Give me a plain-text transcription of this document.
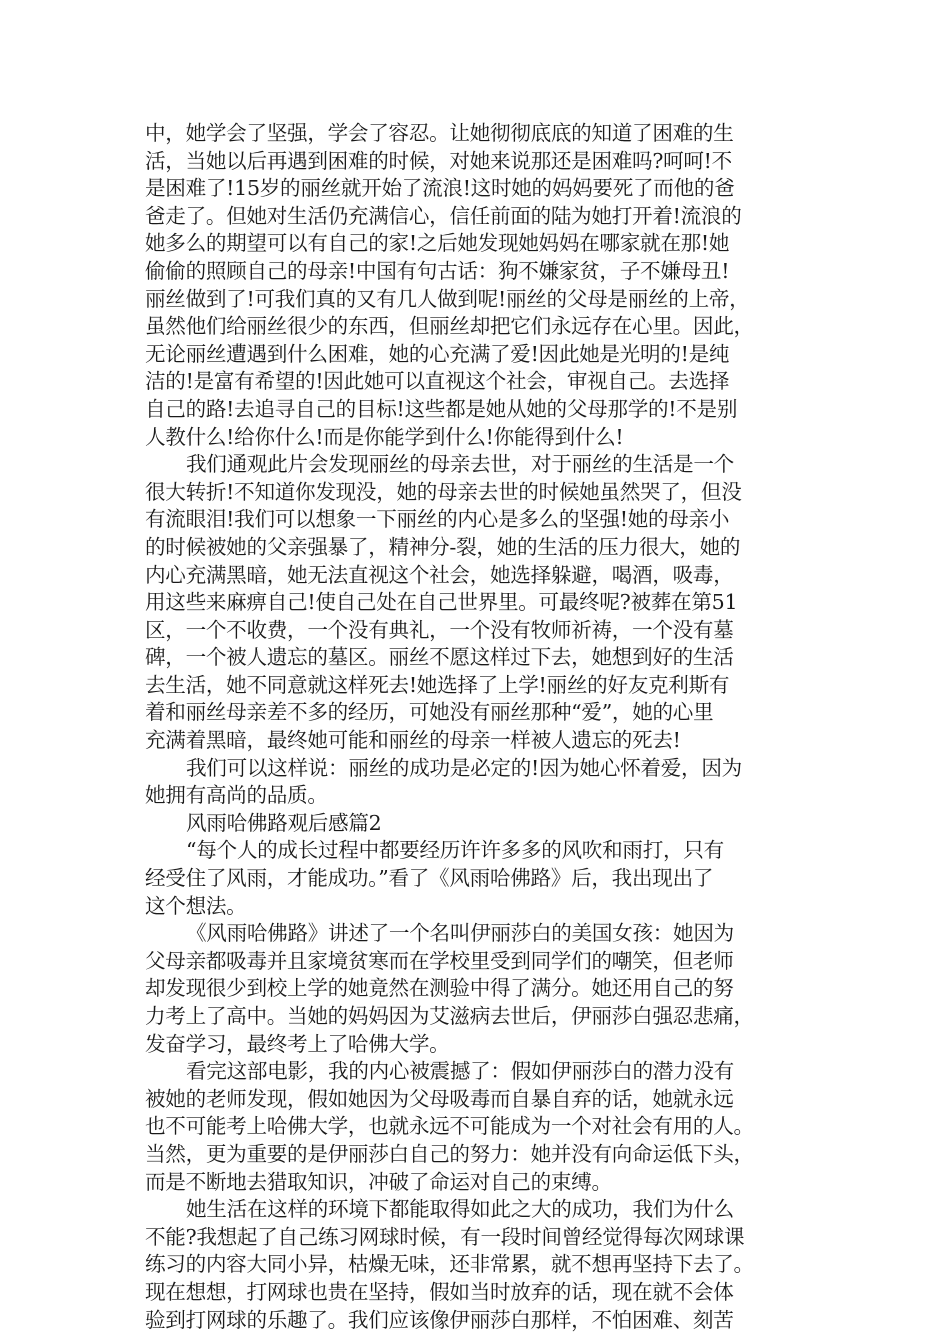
中，她学会了坚强，学会了容忍。让她彻彻底底的知道了困难的生
活，当她以后再遇到困难的时候，对她来说那还是困难吗?呵呵!不
是困难了!15岁的丽丝就开始了流浪!这时她的妈妈要死了而他的爸
爸走了。但她对生活仍充满信心，信任前面的陆为她打开着!流浪的
她多么的期望可以有自己的家!之后她发现她妈妈在哪家就在那!她
偷偷的照顾自己的母亲!中国有句古话：狗不嫌家贫，子不嫌母丑!
丽丝做到了!可我们真的又有几人做到呢!丽丝的父母是丽丝的上帝，
虽然他们给丽丝很少的东西，但丽丝却把它们永远存在心里。因此，
无论丽丝遭遇到什么困难，她的心充满了爱!因此她是光明的!是纯
洁的!是富有希望的!因此她可以直视这个社会，审视自己。去选择
自己的路!去追寻自己的目标!这些都是她从她的父母那学的!不是别
人教什么!给你什么!而是你能学到什么!你能得到什么!
我们通观此片会发现丽丝的母亲去世，对于丽丝的生活是一个
很大转折!不知道你发现没，她的母亲去世的时候她虽然哭了，但没
有流眼泪!我们可以想象一下丽丝的内心是多么的坚强!她的母亲小
的时候被她的父亲强暴了，精神分-裂，她的生活的压力很大，她的
内心充满黑暗，她无法直视这个社会，她选择躲避，喝酒，吸毒，
用这些来麻痹自己!使自己处在自己世界里。可最终呢?被葬在第51
区，一个不收费，一个没有典礼，一个没有牧师祈祷，一个没有墓
碑，一个被人遗忘的墓区。丽丝不愿这样过下去，她想到好的生活
去生活，她不同意就这样死去!她选择了上学!丽丝的好友克利斯有
着和丽丝母亲差不多的经历，可她没有丽丝那种“爱”，她的心里
充满着黑暗，最终她可能和丽丝的母亲一样被人遗忘的死去!
我们可以这样说：丽丝的成功是必定的!因为她心怀着爱，因为
她拥有高尚的品质。
风雨哈佛路观后感篇2
“每个人的成长过程中都要经历许许多多的风吹和雨打，只有
经受住了风雨，才能成功。”看了《风雨哈佛路》后，我出现出了
这个想法。
《风雨哈佛路》讲述了一个名叫伊丽莎白的美国女孩：她因为
父母亲都吸毒并且家境贫寒而在学校里受到同学们的嘲笑，但老师
却发现很少到校上学的她竟然在测验中得了满分。她还用自己的努
力考上了高中。当她的妈妈因为艾滋病去世后，伊丽莎白强忍悲痛，
发奋学习，最终考上了哈佛大学。
看完这部电影，我的内心被震撼了：假如伊丽莎白的潜力没有
被她的老师发现，假如她因为父母吸毒而自暴自弃的话，她就永远
也不可能考上哈佛大学，也就永远不可能成为一个对社会有用的人。
当然，更为重要的是伊丽莎白自己的努力：她并没有向命运低下头，
而是不断地去猎取知识，冲破了命运对自己的束缚。
她生活在这样的环境下都能取得如此之大的成功，我们为什么
不能?我想起了自己练习网球时候，有一段时间曾经觉得每次网球课
练习的内容大同小异，枯燥无味，还非常累，就不想再坚持下去了。
现在想想，打网球也贵在坚持，假如当时放弃的话，现在就不会体
验到打网球的乐趣了。我们应该像伊丽莎白那样，不怕困难、刻苦
